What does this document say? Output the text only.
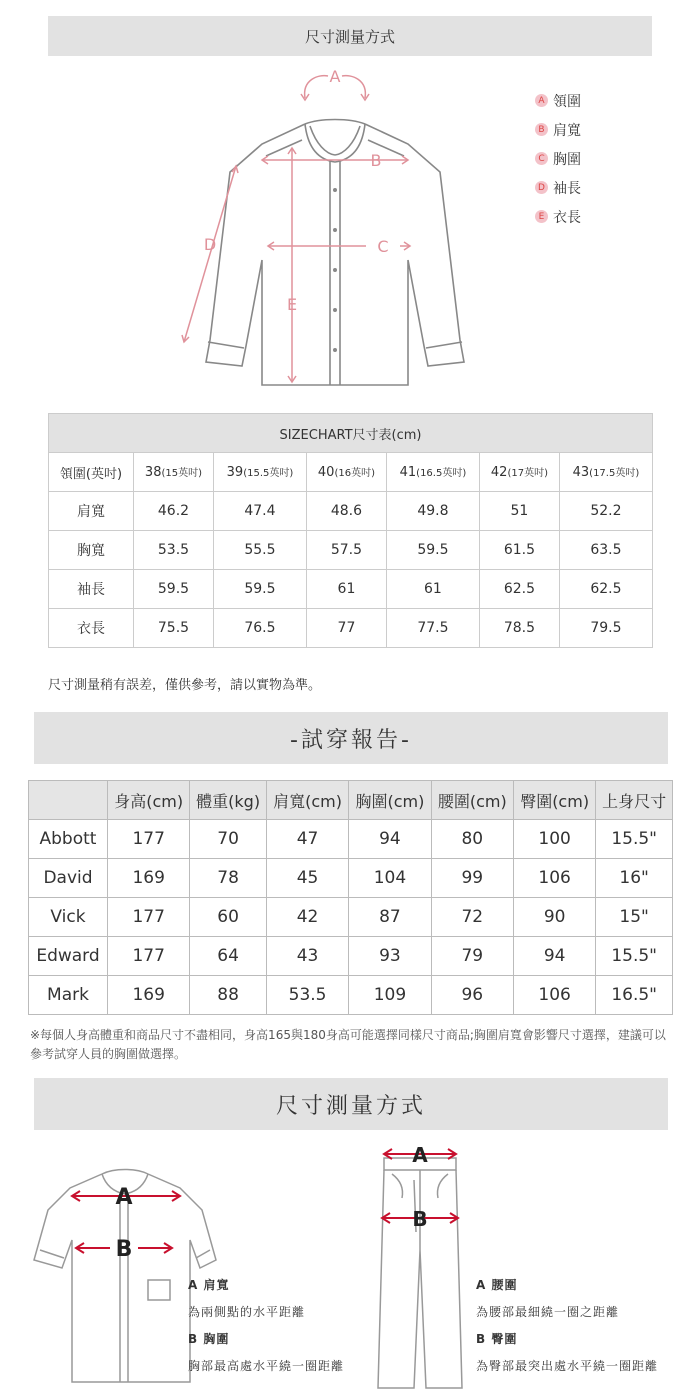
尺寸測量方式
A
B
C
D
E
A 領圍
B 肩寬
C 胸圍
D 袖長
E 衣長
SIZECHART尺寸表(cm)						
領圍(英吋)	38(15英吋)	39(15.5英吋)	40(16英吋)	41(16.5英吋)	42(17英吋)	43(17.5英吋)
肩寬	46.2	47.4	48.6	49.8	51	52.2
胸寬	53.5	55.5	57.5	59.5	61.5	63.5
袖長	59.5	59.5	61	61	62.5	62.5
衣長	75.5	76.5	77	77.5	78.5	79.5
尺寸測量稍有誤差，僅供參考，請以實物為準。
-試穿報告-
	身高(cm)	體重(kg)	肩寬(cm)	胸圍(cm)	腰圍(cm)	臀圍(cm)	上身尺寸
Abbott	177	70	47	94	80	100	15.5"
David	169	78	45	104	99	106	16"
Vick	177	60	42	87	72	90	15"
Edward	177	64	43	93	79	94	15.5"
Mark	169	88	53.5	109	96	106	16.5"
※每個人身高體重和商品尺寸不盡相同，身高165與180身高可能選擇同樣尺寸商品;胸圍肩寬會影響尺寸選擇，建議可以參考試穿人員的胸圍做選擇。
尺寸測量方式
A
B
A
B
A 肩寬
為兩側點的水平距離
B 胸圍
胸部最高處水平繞一圈距離
A 腰圍
為腰部最細繞一圈之距離
B 臀圍
為臀部最突出處水平繞一圈距離
